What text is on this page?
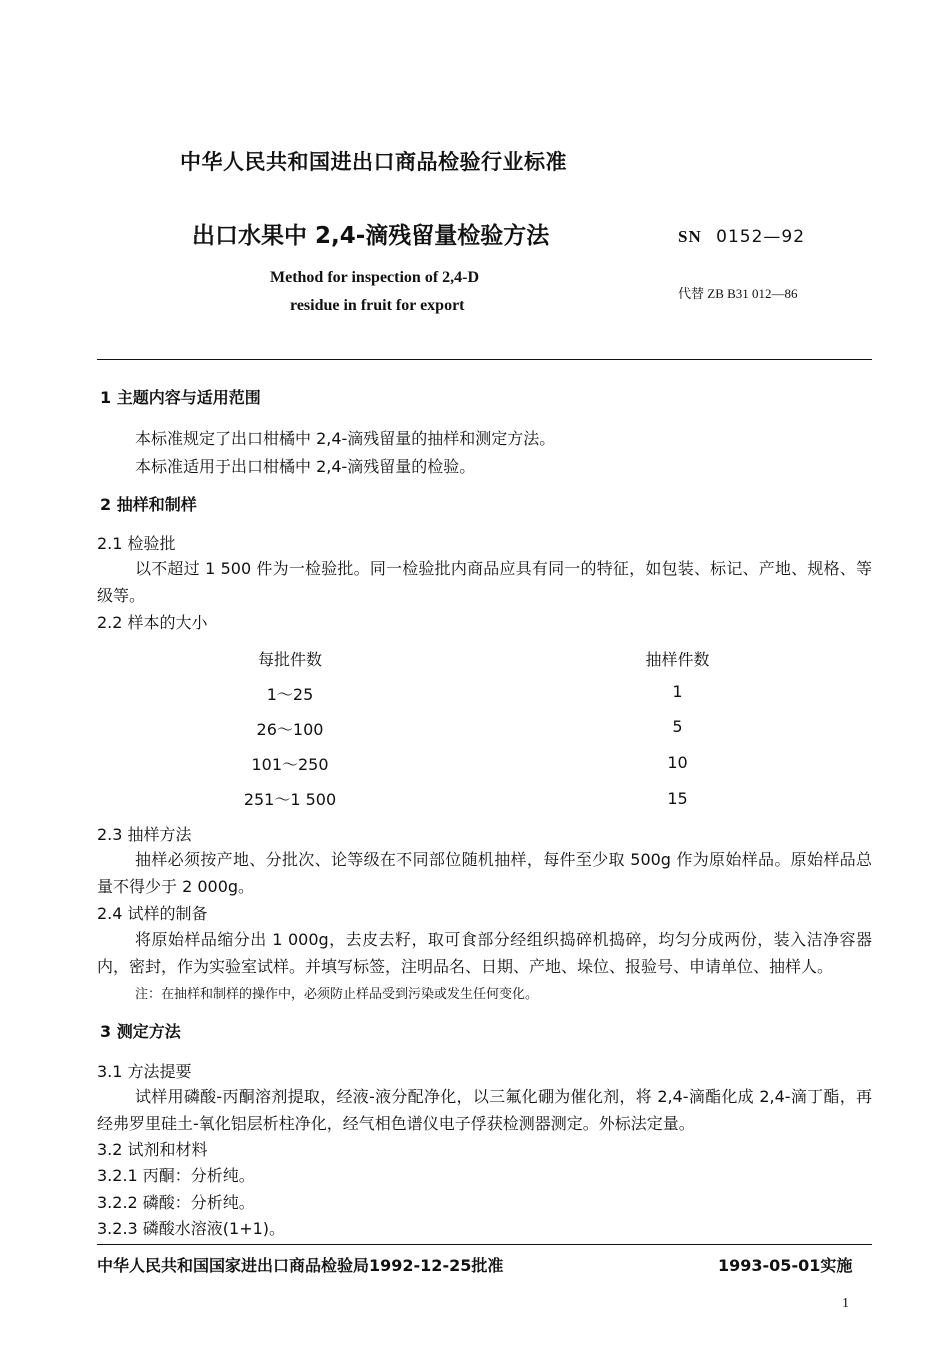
中华人民共和国进出口商品检验行业标准
出口水果中 2,4-滴残留量检验方法	SN 0152—92
Method for inspection of 2,4-D
residue in fruit for export
代替 ZB B31 012—86
1 主题内容与适用范围
本标准规定了出口柑橘中 2,4-滴残留量的抽样和测定方法。
本标准适用于出口柑橘中 2,4-滴残留量的检验。
2 抽样和制样
2.1 检验批
以不超过 1 500 件为一检验批。同一检验批内商品应具有同一的特征，如包装、标记、产地、规格、等级等。
2.2 样本的大小
每批件数	抽样件数
1～25	1
26～100	5
101～250	10
251～1 500	15
2.3 抽样方法
抽样必须按产地、分批次、论等级在不同部位随机抽样，每件至少取 500g 作为原始样品。原始样品总量不得少于 2 000g。
2.4 试样的制备
将原始样品缩分出 1 000g，去皮去籽，取可食部分经组织捣碎机捣碎，均匀分成两份，装入洁净容器内，密封，作为实验室试样。并填写标签，注明品名、日期、产地、垛位、报验号、申请单位、抽样人。
注：在抽样和制样的操作中，必须防止样品受到污染或发生任何变化。
3 测定方法
3.1 方法提要
试样用磷酸-丙酮溶剂提取，经液-液分配净化，以三氟化硼为催化剂，将 2,4-滴酯化成 2,4-滴丁酯，再经弗罗里硅土-氧化铝层析柱净化，经气相色谱仪电子俘获检测器测定。外标法定量。
3.2 试剂和材料
3.2.1 丙酮：分析纯。
3.2.2 磷酸：分析纯。
3.2.3 磷酸水溶液(1+1)。
中华人民共和国国家进出口商品检验局1992-12-25批准	1993-05-01实施
1
